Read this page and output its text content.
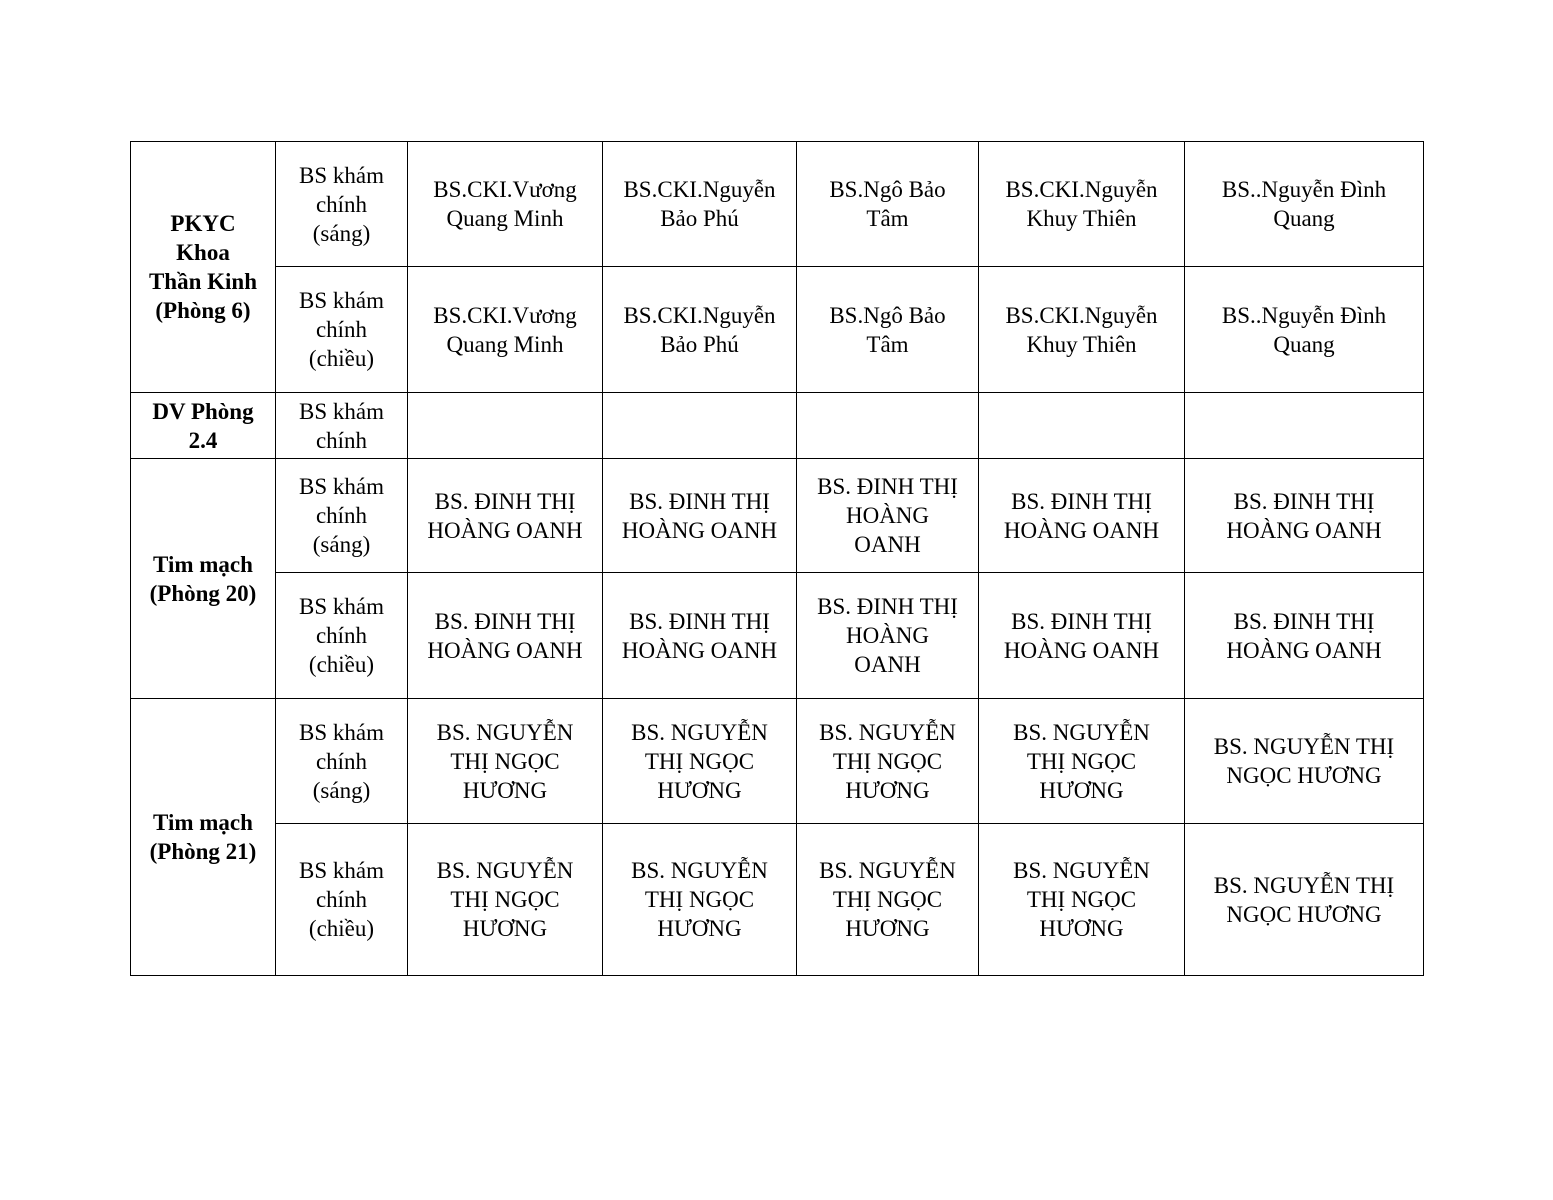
PKYC
Khoa
Thần Kinh
(Phòng 6)	BS khám
chính
(sáng)	BS.CKI.Vương
Quang Minh	BS.CKI.Nguyễn
Bảo Phú	BS.Ngô Bảo
Tâm	BS.CKI.Nguyễn
Khuy Thiên	BS..Nguyễn Đình
Quang

	BS khám
chính
(chiều)	BS.CKI.Vương
Quang Minh	BS.CKI.Nguyễn
Bảo Phú	BS.Ngô Bảo
Tâm	BS.CKI.Nguyễn
Khuy Thiên	BS..Nguyễn Đình
Quang

DV Phòng
2.4	BS khám
chính					

Tim mạch
(Phòng 20)	BS khám
chính
(sáng)	BS. ĐINH THỊ
HOÀNG OANH	BS. ĐINH THỊ
HOÀNG OANH	BS. ĐINH THỊ
HOÀNG
OANH	BS. ĐINH THỊ
HOÀNG OANH	BS. ĐINH THỊ
HOÀNG OANH

	BS khám
chính
(chiều)	BS. ĐINH THỊ
HOÀNG OANH	BS. ĐINH THỊ
HOÀNG OANH	BS. ĐINH THỊ
HOÀNG
OANH	BS. ĐINH THỊ
HOÀNG OANH	BS. ĐINH THỊ
HOÀNG OANH

Tim mạch
(Phòng 21)	BS khám
chính
(sáng)	BS. NGUYỄN
THỊ NGỌC
HƯƠNG	BS. NGUYỄN
THỊ NGỌC
HƯƠNG	BS. NGUYỄN
THỊ NGỌC
HƯƠNG	BS. NGUYỄN
THỊ NGỌC
HƯƠNG	BS. NGUYỄN THỊ
NGỌC HƯƠNG

	BS khám
chính
(chiều)	BS. NGUYỄN
THỊ NGỌC
HƯƠNG	BS. NGUYỄN
THỊ NGỌC
HƯƠNG	BS. NGUYỄN
THỊ NGỌC
HƯƠNG	BS. NGUYỄN
THỊ NGỌC
HƯƠNG	BS. NGUYỄN THỊ
NGỌC HƯƠNG
